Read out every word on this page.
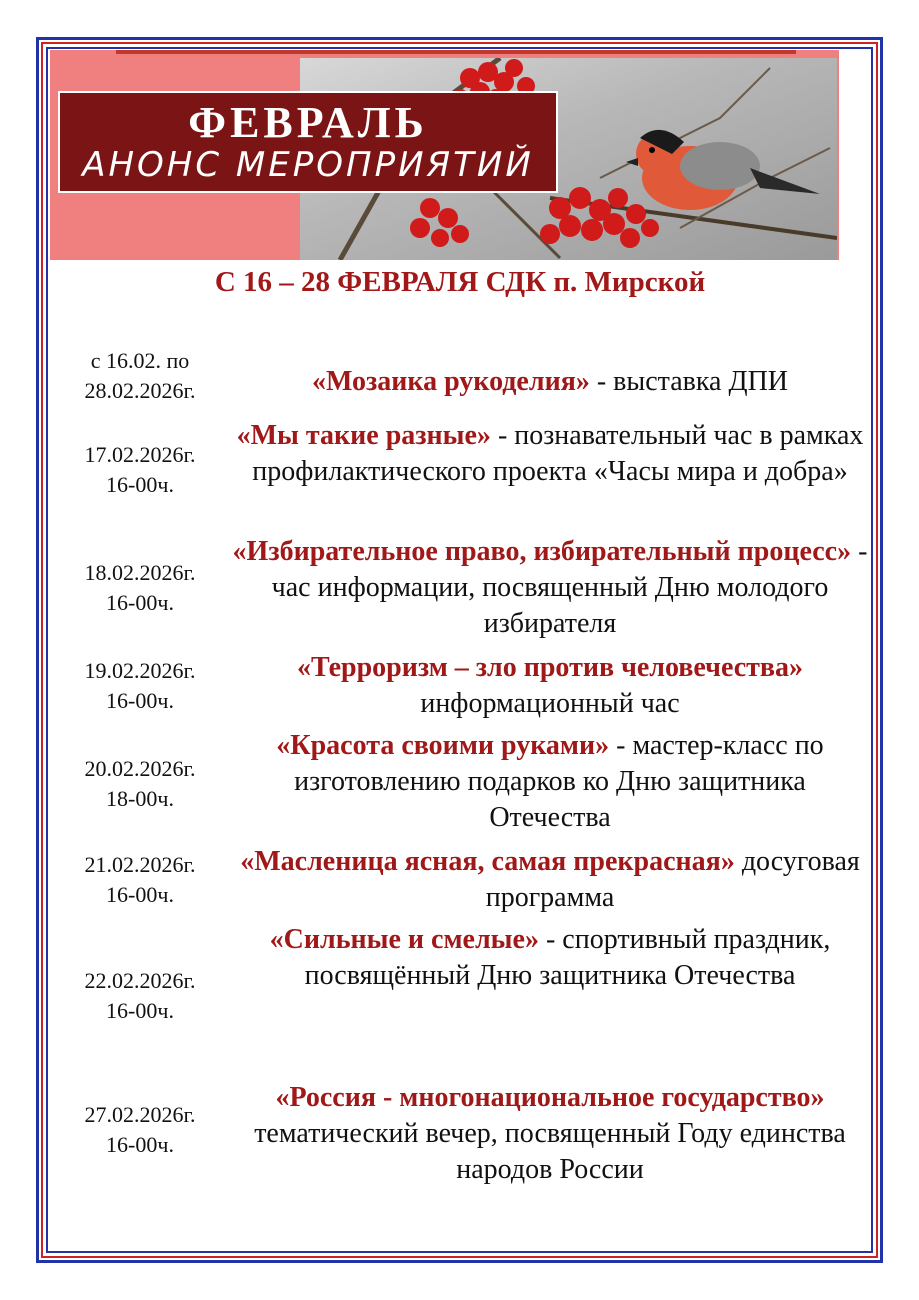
ФЕВРАЛЬ
АНОНС МЕРОПРИЯТИЙ
С 16 – 28 ФЕВРАЛЯ СДК п. Мирской
с 16.02. по
28.02.2026г.	«Мозаика рукоделия» - выставка ДПИ
17.02.2026г.
16-00ч.
«Мы такие разные» - познавательный час в рамках профилактического проекта «Часы мира и добра»
18.02.2026г.
16-00ч.
«Избирательное право, избирательный процесс» - час информации, посвященный Дню молодого избирателя
19.02.2026г.
16-00ч.
«Терроризм – зло против человечества» информационный час
20.02.2026г.
18-00ч.
«Красота своими руками» - мастер-класс по изготовлению подарков ко Дню защитника Отечества
21.02.2026г.
16-00ч.
«Масленица ясная, самая прекрасная» досуговая программа
22.02.2026г.
16-00ч.
«Сильные и смелые» - спортивный праздник, посвящённый Дню защитника Отечества
27.02.2026г.
16-00ч.
«Россия - многонациональное государство» тематический вечер, посвященный Году единства народов России
